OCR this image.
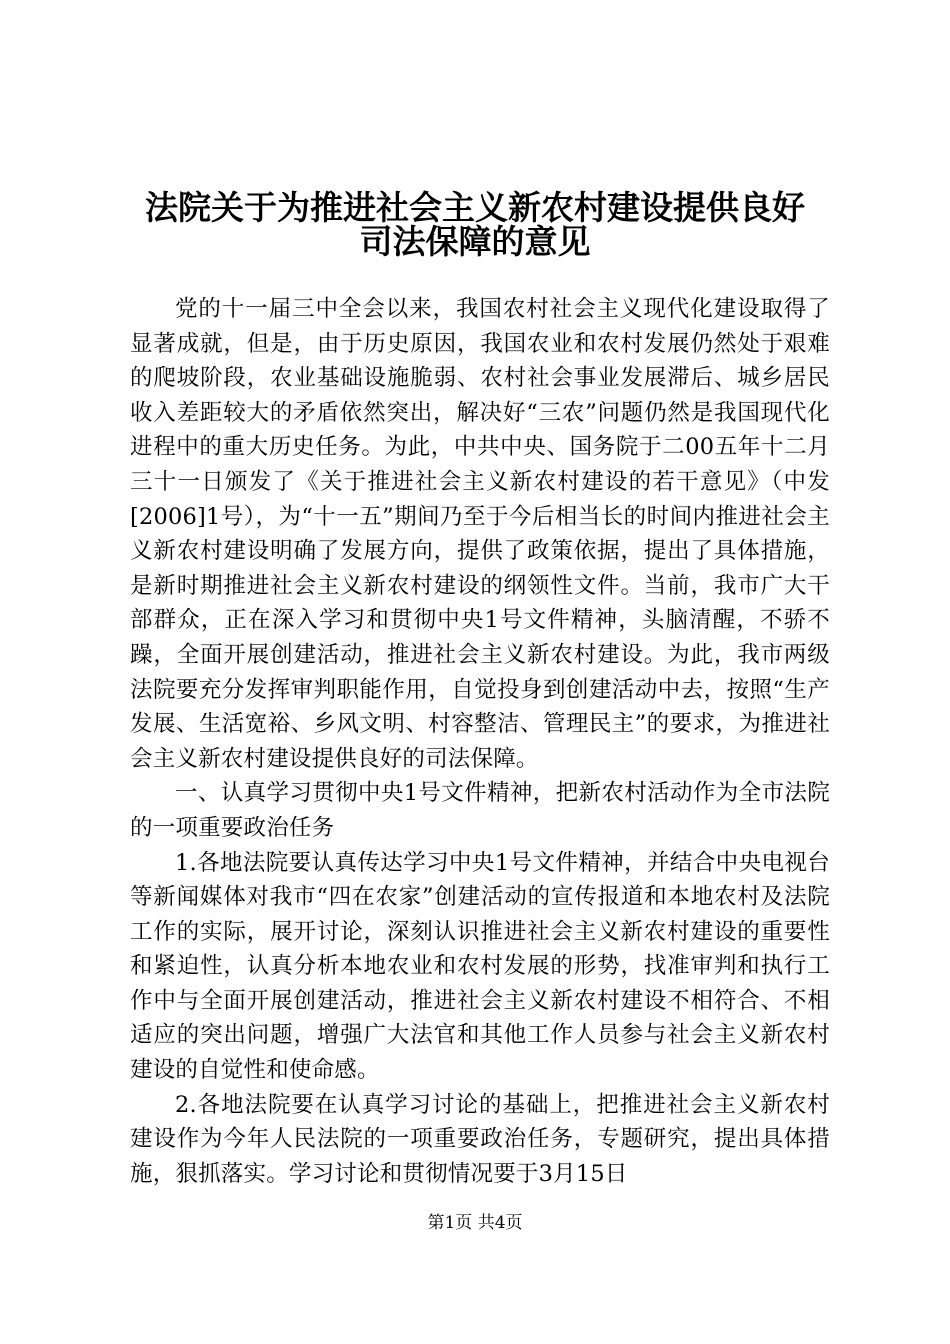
法院关于为推进社会主义新农村建设提供良好
司法保障的意见

党的十一届三中全会以来，我国农村社会主义现代化建设取得了显著成就，但是，由于历史原因，我国农业和农村发展仍然处于艰难的爬坡阶段，农业基础设施脆弱、农村社会事业发展滞后、城乡居民收入差距较大的矛盾依然突出，解决好“三农”问题仍然是我国现代化进程中的重大历史任务。为此，中共中央、国务院于二00五年十二月三十一日颁发了《关于推进社会主义新农村建设的若干意见》（中发[2006]1号），为“十一五”期间乃至于今后相当长的时间内推进社会主义新农村建设明确了发展方向，提供了政策依据，提出了具体措施，是新时期推进社会主义新农村建设的纲领性文件。当前，我市广大干部群众，正在深入学习和贯彻中央1号文件精神，头脑清醒，不骄不躁，全面开展创建活动，推进社会主义新农村建设。为此，我市两级法院要充分发挥审判职能作用，自觉投身到创建活动中去，按照“生产发展、生活宽裕、乡风文明、村容整洁、管理民主”的要求，为推进社会主义新农村建设提供良好的司法保障。

一、认真学习贯彻中央1号文件精神，把新农村活动作为全市法院的一项重要政治任务

1.各地法院要认真传达学习中央1号文件精神，并结合中央电视台等新闻媒体对我市“四在农家”创建活动的宣传报道和本地农村及法院工作的实际，展开讨论，深刻认识推进社会主义新农村建设的重要性和紧迫性，认真分析本地农业和农村发展的形势，找准审判和执行工作中与全面开展创建活动，推进社会主义新农村建设不相符合、不相适应的突出问题，增强广大法官和其他工作人员参与社会主义新农村建设的自觉性和使命感。

2.各地法院要在认真学习讨论的基础上，把推进社会主义新农村建设作为今年人民法院的一项重要政治任务，专题研究，提出具体措施，狠抓落实。学习讨论和贯彻情况要于3月15日

第1页 共4页
